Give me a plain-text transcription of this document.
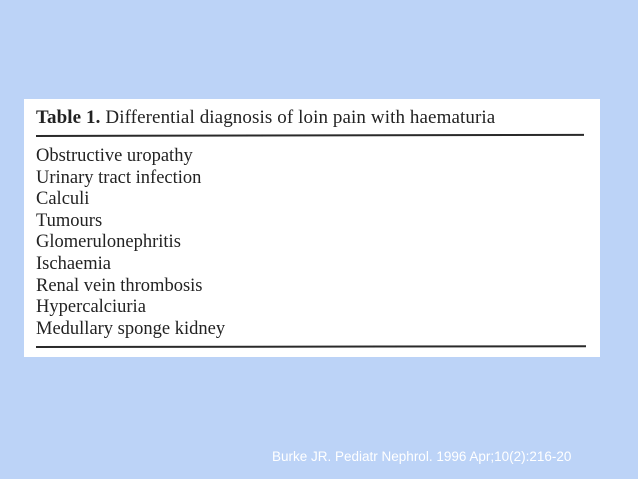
Table 1. Differential diagnosis of loin pain with haematuria
Obstructive uropathy
Urinary tract infection
Calculi
Tumours
Glomerulonephritis
Ischaemia
Renal vein thrombosis
Hypercalciuria
Medullary sponge kidney
Burke JR. Pediatr Nephrol. 1996 Apr;10(2):216-20
